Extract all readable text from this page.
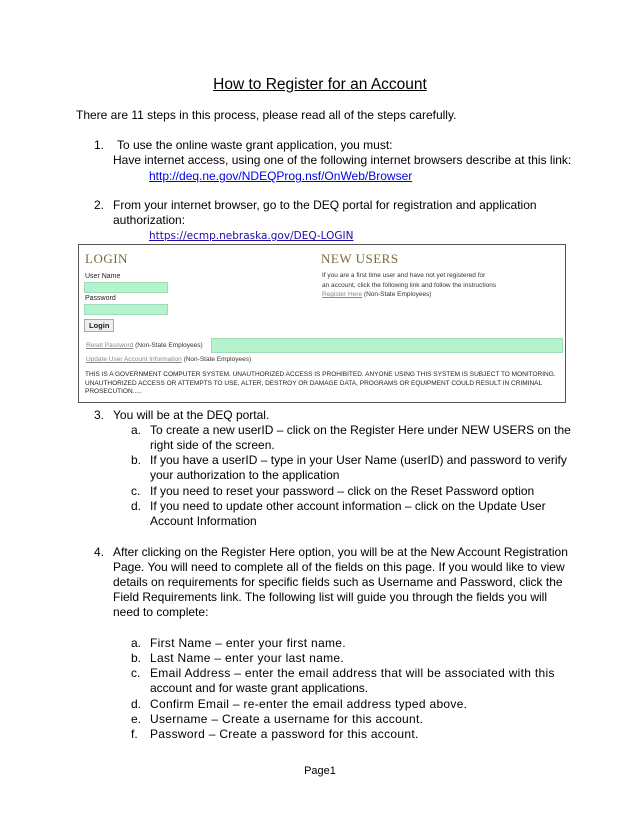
How to Register for an Account
There are 11 steps in this process, please read all of the steps carefully.
1. To use the online waste grant application, you must:
Have internet access, using one of the following internet browsers describe at this link:
http://deq.ne.gov/NDEQProg.nsf/OnWeb/Browser
2. From your internet browser, go to the DEQ portal for registration and application
authorization:
https://ecmp.nebraska.gov/DEQ-LOGIN
LOGIN
User Name
Password
Login
Reset Password (Non-State Employees)
Update User Account Information (Non-State Employees)
NEW USERS
If you are a first time user and have not yet registered for
an account, click the following link and follow the instructions
Register Here (Non-State Employees)
THIS IS A GOVERNMENT COMPUTER SYSTEM. UNAUTHORIZED ACCESS IS PROHIBITED. ANYONE USING THIS SYSTEM IS SUBJECT TO MONITORING. UNAUTHORIZED ACCESS OR ATTEMPTS TO USE, ALTER, DESTROY OR DAMAGE DATA, PROGRAMS OR EQUIPMENT COULD RESULT IN CRIMINAL PROSECUTION.....
3. You will be at the DEQ portal.
a. To create a new userID – click on the Register Here under NEW USERS on the
right side of the screen.
b. If you have a userID – type in your User Name (userID) and password to verify
your authorization to the application
c. If you need to reset your password – click on the Reset Password option
d. If you need to update other account information – click on the Update User
Account Information
4. After clicking on the Register Here option, you will be at the New Account Registration
Page. You will need to complete all of the fields on this page. If you would like to view
details on requirements for specific fields such as Username and Password, click the
Field Requirements link. The following list will guide you through the fields you will
need to complete:
a. First Name – enter your first name.
b. Last Name – enter your last name.
c. Email Address – enter the email address that will be associated with this
account and for waste grant applications.
d. Confirm Email – re-enter the email address typed above.
e. Username – Create a username for this account.
f. Password – Create a password for this account.
Page1
